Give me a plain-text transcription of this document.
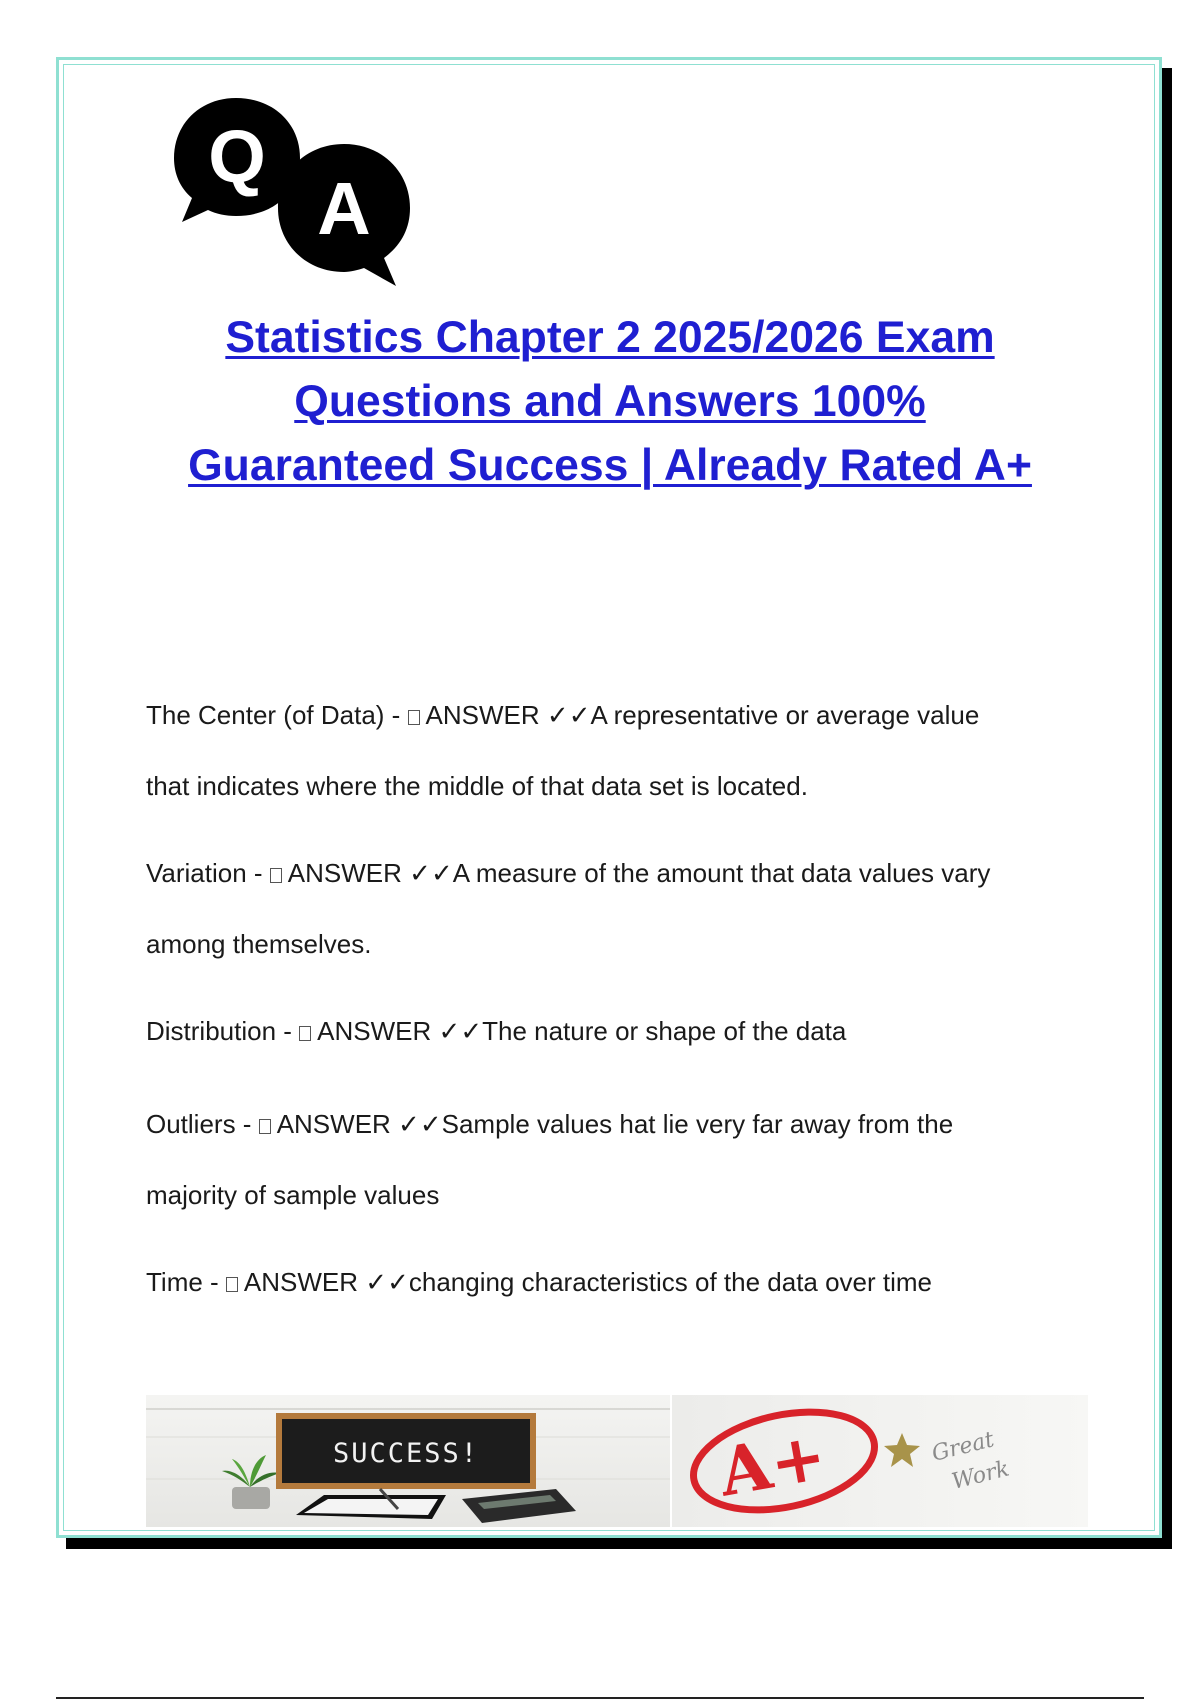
Q
A
Statistics Chapter 2 2025/2026 Exam
Questions and Answers 100%
Guaranteed Success | Already Rated A+

The Center (of Data) - ANSWER ✓✓A representative or average value
that indicates where the middle of that data set is located.

Variation - ANSWER ✓✓A measure of the amount that data values vary
among themselves.

Distribution - ANSWER ✓✓The nature or shape of the data

Outliers - ANSWER ✓✓Sample values hat lie very far away from the
majority of sample values

Time - ANSWER ✓✓changing characteristics of the data over time

SUCCESS!	A+	Great
Work
